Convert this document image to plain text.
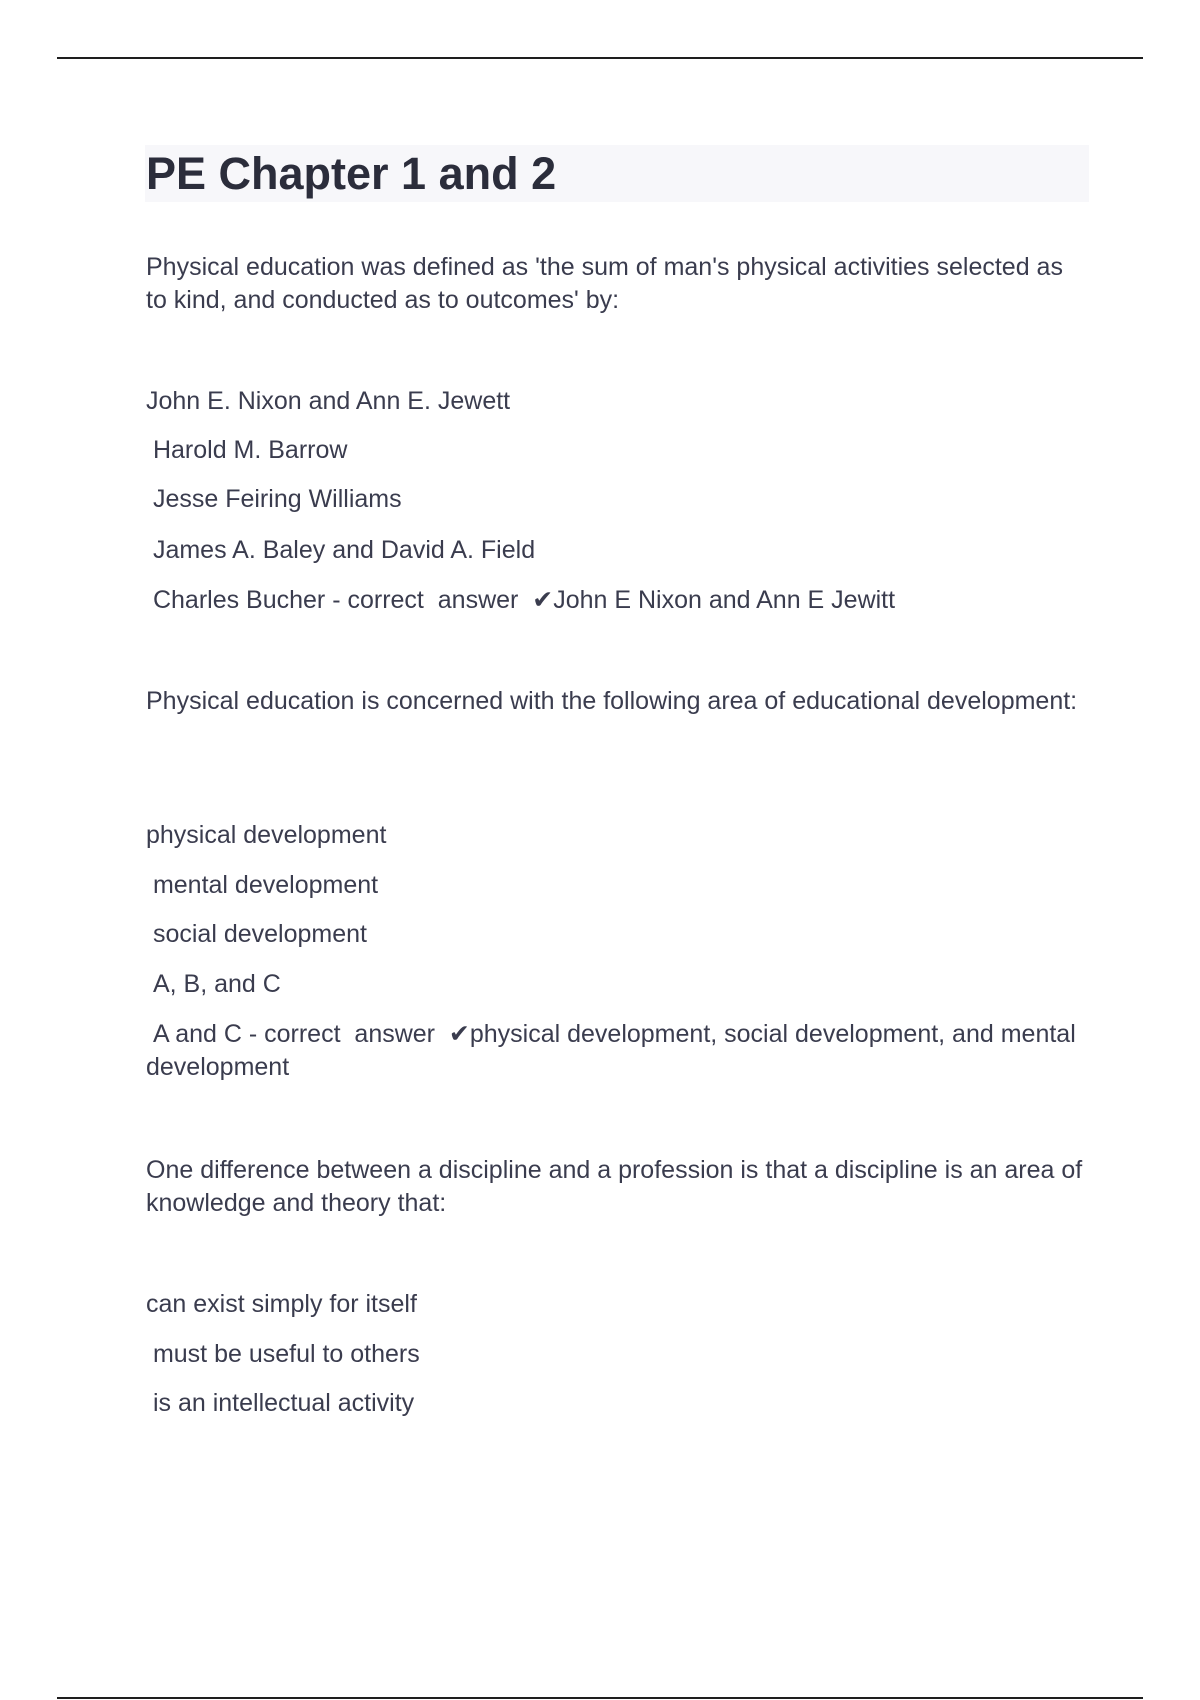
PE Chapter 1 and 2

Physical education was defined as 'the sum of man's physical activities selected as to kind, and conducted as to outcomes' by:

John E. Nixon and Ann E. Jewett

Harold M. Barrow

Jesse Feiring Williams

James A. Baley and David A. Field

Charles Bucher - correct  answer  ✔John E Nixon and Ann E Jewitt

Physical education is concerned with the following area of educational development:

physical development

mental development

social development

A, B, and C

A and C - correct  answer  ✔physical development, social development, and mental development

One difference between a discipline and a profession is that a discipline is an area of knowledge and theory that:

can exist simply for itself

must be useful to others

is an intellectual activity
